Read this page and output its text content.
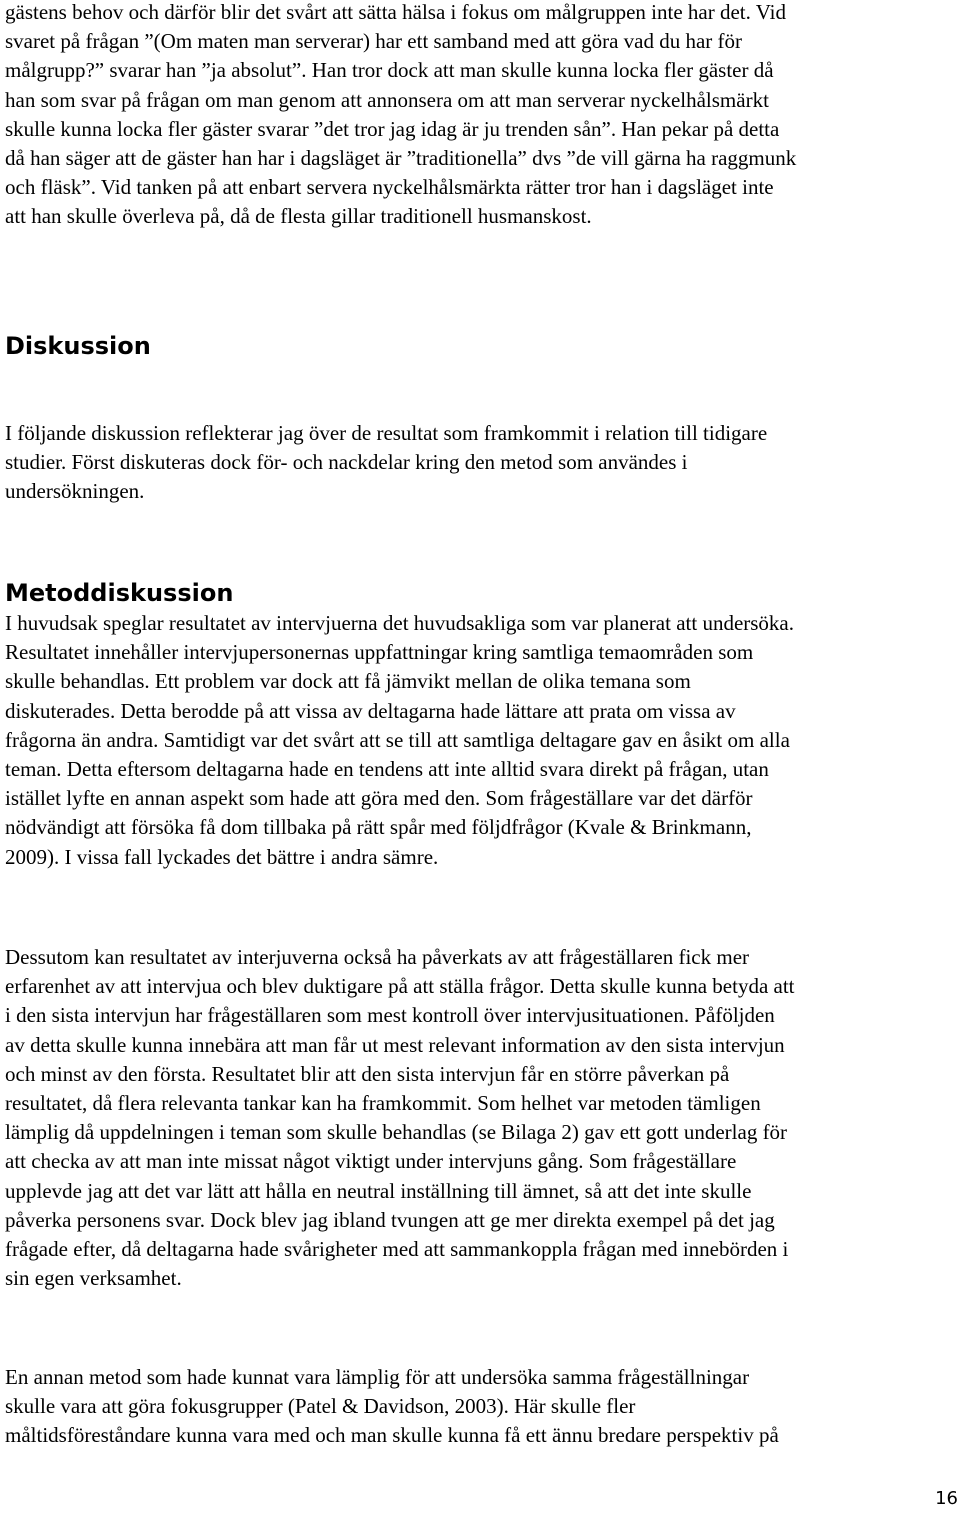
gästens behov och därför blir det svårt att sätta hälsa i fokus om målgruppen inte har det. Vid
svaret på frågan ”(Om maten man serverar) har ett samband med att göra vad du har för
målgrupp?” svarar han ”ja absolut”. Han tror dock att man skulle kunna locka fler gäster då
han som svar på frågan om man genom att annonsera om att man serverar nyckelhålsmärkt
skulle kunna locka fler gäster svarar ”det tror jag idag är ju trenden sån”. Han pekar på detta
då han säger att de gäster han har i dagsläget är ”traditionella” dvs ”de vill gärna ha raggmunk
och fläsk”. Vid tanken på att enbart servera nyckelhålsmärkta rätter tror han i dagsläget inte
att han skulle överleva på, då de flesta gillar traditionell husmanskost.

Diskussion

I följande diskussion reflekterar jag över de resultat som framkommit i relation till tidigare
studier. Först diskuteras dock för- och nackdelar kring den metod som användes i
undersökningen.

Metoddiskussion

I huvudsak speglar resultatet av intervjuerna det huvudsakliga som var planerat att undersöka.
Resultatet innehåller intervjupersonernas uppfattningar kring samtliga temaområden som
skulle behandlas. Ett problem var dock att få jämvikt mellan de olika temana som
diskuterades. Detta berodde på att vissa av deltagarna hade lättare att prata om vissa av
frågorna än andra. Samtidigt var det svårt att se till att samtliga deltagare gav en åsikt om alla
teman. Detta eftersom deltagarna hade en tendens att inte alltid svara direkt på frågan, utan
istället lyfte en annan aspekt som hade att göra med den. Som frågeställare var det därför
nödvändigt att försöka få dom tillbaka på rätt spår med följdfrågor (Kvale & Brinkmann,
2009). I vissa fall lyckades det bättre i andra sämre.

Dessutom kan resultatet av interjuverna också ha påverkats av att frågeställaren fick mer
erfarenhet av att intervjua och blev duktigare på att ställa frågor. Detta skulle kunna betyda att
i den sista intervjun har frågeställaren som mest kontroll över intervjusituationen. Påföljden
av detta skulle kunna innebära att man får ut mest relevant information av den sista intervjun
och minst av den första. Resultatet blir att den sista intervjun får en större påverkan på
resultatet, då flera relevanta tankar kan ha framkommit. Som helhet var metoden tämligen
lämplig då uppdelningen i teman som skulle behandlas (se Bilaga 2) gav ett gott underlag för
att checka av att man inte missat något viktigt under intervjuns gång. Som frågeställare
upplevde jag att det var lätt att hålla en neutral inställning till ämnet, så att det inte skulle
påverka personens svar. Dock blev jag ibland tvungen att ge mer direkta exempel på det jag
frågade efter, då deltagarna hade svårigheter med att sammankoppla frågan med innebörden i
sin egen verksamhet.

En annan metod som hade kunnat vara lämplig för att undersöka samma frågeställningar
skulle vara att göra fokusgrupper (Patel & Davidson, 2003). Här skulle fler
måltidsföreståndare kunna vara med och man skulle kunna få ett ännu bredare perspektiv på

16
